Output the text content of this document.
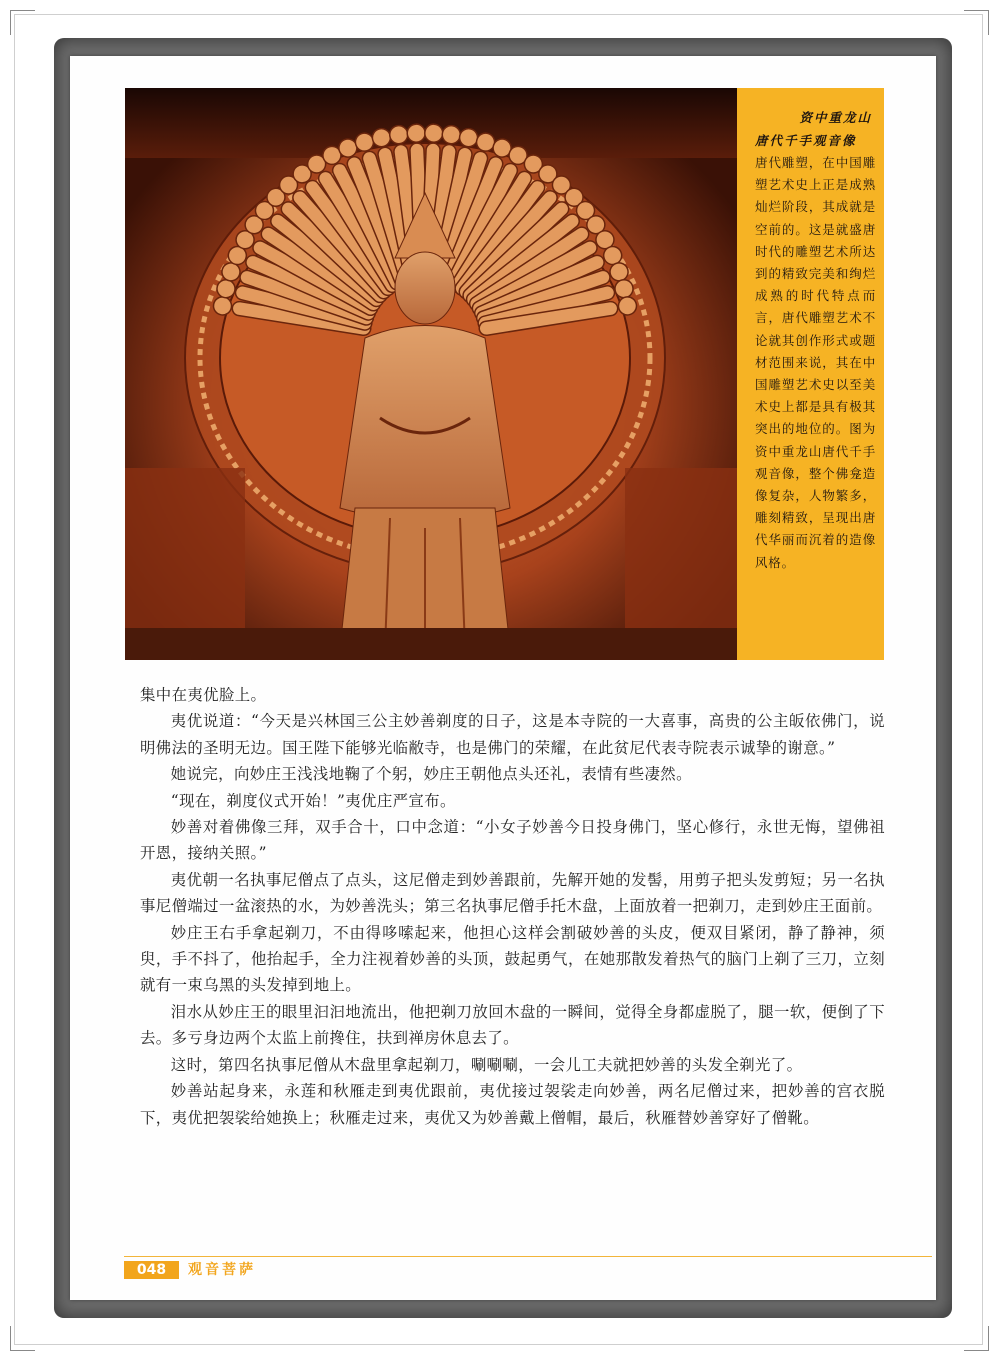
资中重龙山

唐代千手观音像

唐代雕塑，在中国雕塑艺术史上正是成熟灿烂阶段，其成就是空前的。这是就盛唐时代的雕塑艺术所达到的精致完美和绚烂成熟的时代特点而言，唐代雕塑艺术不论就其创作形式或题材范围来说，其在中国雕塑艺术史以至美术史上都是具有极其突出的地位的。图为资中重龙山唐代千手观音像，整个佛龛造像复杂，人物繁多，雕刻精致，呈现出唐代华丽而沉着的造像风格。

集中在夷优脸上。

夷优说道：“今天是兴林国三公主妙善剃度的日子，这是本寺院的一大喜事，高贵的公主皈依佛门，说明佛法的圣明无边。国王陛下能够光临敝寺，也是佛门的荣耀，在此贫尼代表寺院表示诚挚的谢意。”

她说完，向妙庄王浅浅地鞠了个躬，妙庄王朝他点头还礼，表情有些凄然。

“现在，剃度仪式开始！”夷优庄严宣布。

妙善对着佛像三拜，双手合十，口中念道：“小女子妙善今日投身佛门，坚心修行，永世无悔，望佛祖开恩，接纳关照。”

夷优朝一名执事尼僧点了点头，这尼僧走到妙善跟前，先解开她的发髻，用剪子把头发剪短；另一名执事尼僧端过一盆滚热的水，为妙善洗头；第三名执事尼僧手托木盘，上面放着一把剃刀，走到妙庄王面前。

妙庄王右手拿起剃刀，不由得哆嗦起来，他担心这样会割破妙善的头皮，便双目紧闭，静了静神，须臾，手不抖了，他抬起手，全力注视着妙善的头顶，鼓起勇气，在她那散发着热气的脑门上剃了三刀，立刻就有一束乌黑的头发掉到地上。

泪水从妙庄王的眼里汩汩地流出，他把剃刀放回木盘的一瞬间，觉得全身都虚脱了，腿一软，便倒了下去。多亏身边两个太监上前搀住，扶到禅房休息去了。

这时，第四名执事尼僧从木盘里拿起剃刀，唰唰唰，一会儿工夫就把妙善的头发全剃光了。

妙善站起身来，永莲和秋雁走到夷优跟前，夷优接过袈裟走向妙善，两名尼僧过来，把妙善的宫衣脱下，夷优把袈裟给她换上；秋雁走过来，夷优又为妙善戴上僧帽，最后，秋雁替妙善穿好了僧靴。

048	观音菩萨
